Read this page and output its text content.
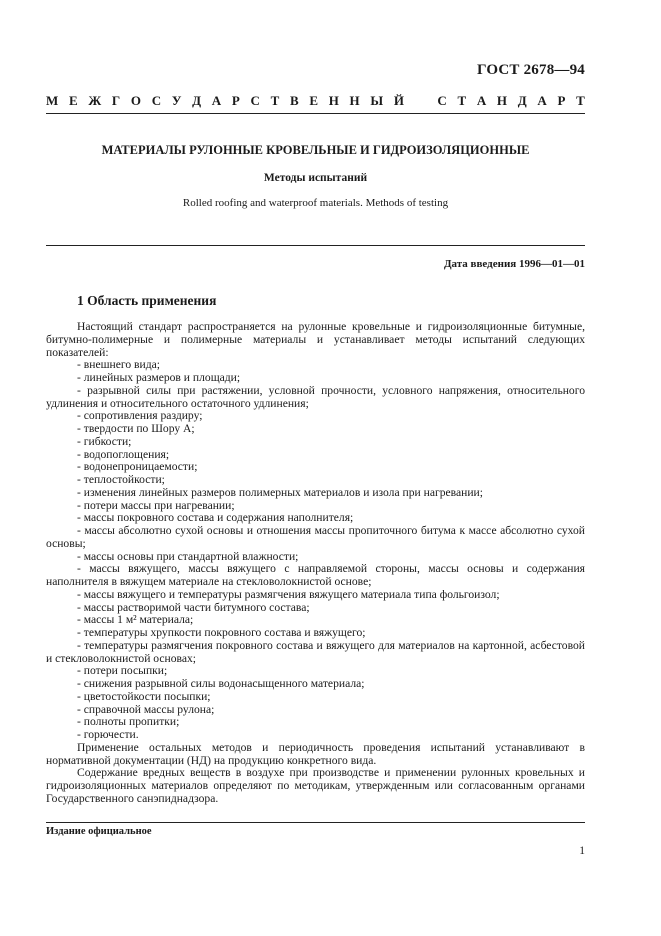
ГОСТ 2678—94
М Е Ж Г О С У Д А Р С Т В Е Н Н Ы Й	С Т А Н Д А Р Т
МАТЕРИАЛЫ РУЛОННЫЕ КРОВЕЛЬНЫЕ И ГИДРОИЗОЛЯЦИОННЫЕ
Методы испытаний
Rolled roofing and waterproof materials. Methods of testing
Дата введения 1996—01—01
1 Область применения

Настоящий стандарт распространяется на рулонные кровельные и гидроизоляционные битумные, битумно-полимерные и полимерные материалы и устанавливает методы испытаний следующих показателей:

- внешнего вида;

- линейных размеров и площади;

- разрывной силы при растяжении, условной прочности, условного напряжения, относительного удлинения и относительного остаточного удлинения;

- сопротивления раздиру;

- твердости по Шору А;

- гибкости;

- водопоглощения;

- водонепроницаемости;

- теплостойкости;

- изменения линейных размеров полимерных материалов и изола при нагревании;

- потери массы при нагревании;

- массы покровного состава и содержания наполнителя;

- массы абсолютно сухой основы и отношения массы пропиточного битума к массе абсолютно сухой основы;

- массы основы при стандартной влажности;

- массы вяжущего, массы вяжущего с направляемой стороны, массы основы и содержания наполнителя в вяжущем материале на стекловолокнистой основе;

- массы вяжущего и температуры размягчения вяжущего материала типа фольгоизол;

- массы растворимой части битумного состава;

- массы 1 м² материала;

- температуры хрупкости покровного состава и вяжущего;

- температуры размягчения покровного состава и вяжущего для материалов на картонной, асбестовой и стекловолокнистой основах;

- потери посыпки;

- снижения разрывной силы водонасыщенного материала;

- цветостойкости посыпки;

- справочной массы рулона;

- полноты пропитки;

- горючести.

Применение остальных методов и периодичность проведения испытаний устанавливают в нормативной документации (НД) на продукцию конкретного вида.

Содержание вредных веществ в воздухе при производстве и применении рулонных кровельных и гидроизоляционных материалов определяют по методикам, утвержденным или согласованным органами Государственного санэпиднадзора.

Издание официальное
1
